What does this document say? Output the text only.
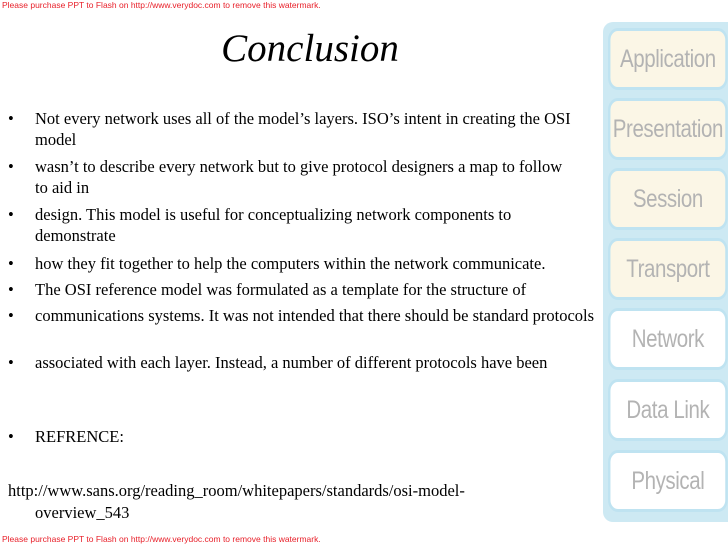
Please purchase PPT to Flash on http://www.verydoc.com to remove this watermark.
Conclusion
• Not every network uses all of the model’s layers. ISO’s intent in creating the OSI model
• wasn’t to describe every network but to give protocol designers a map to follow to aid in
• design. This model is useful for conceptualizing network components to demonstrate
• how they fit together to help the computers within the network communicate.
• The OSI reference model was formulated as a template for the structure of
• communications systems. It was not intended that there should be standard protocols
• associated with each layer. Instead, a number of different protocols have been
• REFRENCE:
http://www.sans.org/reading_room/whitepapers/standards/osi-model-
overview_543
Application
Presentation
Session
Transport
Network
Data Link
Physical
Please purchase PPT to Flash on http://www.verydoc.com to remove this watermark.
